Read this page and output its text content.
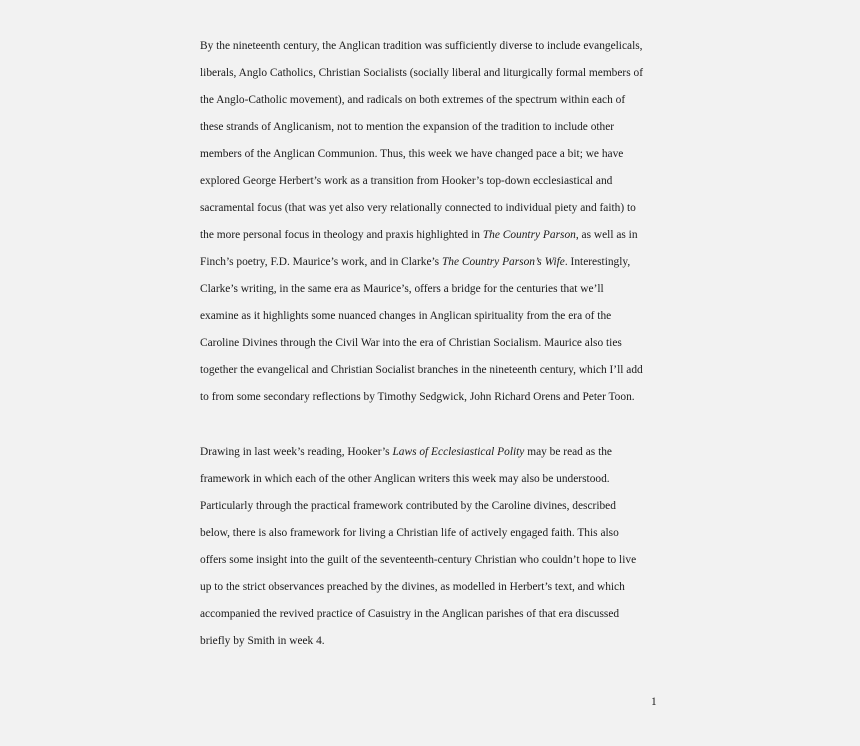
By the nineteenth century, the Anglican tradition was sufficiently diverse to include evangelicals,
liberals, Anglo Catholics, Christian Socialists (socially liberal and liturgically formal members of
the Anglo-Catholic movement), and radicals on both extremes of the spectrum within each of
these strands of Anglicanism, not to mention the expansion of the tradition to include other
members of the Anglican Communion. Thus, this week we have changed pace a bit; we have
explored George Herbert’s work as a transition from Hooker’s top-down ecclesiastical and
sacramental focus (that was yet also very relationally connected to individual piety and faith) to
the more personal focus in theology and praxis highlighted in The Country Parson, as well as in
Finch’s poetry, F.D. Maurice’s work, and in Clarke’s The Country Parson’s Wife. Interestingly,
Clarke’s writing, in the same era as Maurice’s, offers a bridge for the centuries that we’ll
examine as it highlights some nuanced changes in Anglican spirituality from the era of the
Caroline Divines through the Civil War into the era of Christian Socialism. Maurice also ties
together the evangelical and Christian Socialist branches in the nineteenth century, which I’ll add
to from some secondary reflections by Timothy Sedgwick, John Richard Orens and Peter Toon.
Drawing in last week’s reading, Hooker’s Laws of Ecclesiastical Polity may be read as the
framework in which each of the other Anglican writers this week may also be understood.
Particularly through the practical framework contributed by the Caroline divines, described
below, there is also framework for living a Christian life of actively engaged faith. This also
offers some insight into the guilt of the seventeenth-century Christian who couldn’t hope to live
up to the strict observances preached by the divines, as modelled in Herbert’s text, and which
accompanied the revived practice of Casuistry in the Anglican parishes of that era discussed
briefly by Smith in week 4.
1
